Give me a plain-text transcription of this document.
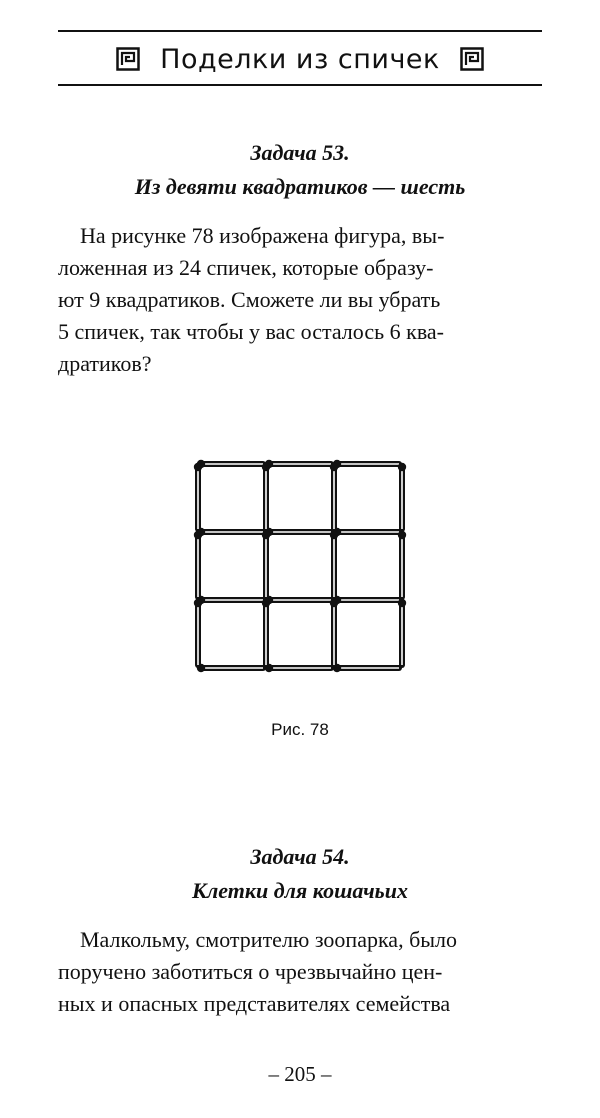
Поделки из спичек
Задача 53.
Из девяти квадратиков — шесть
На рисунке 78 изображена фигура, вы-
ложенная из 24 спичек, которые образу-
ют 9 квадратиков. Сможете ли вы убрать
5 спичек, так чтобы у вас осталось 6 ква-
дратиков?
Рис. 78
Задача 54.
Клетки для кошачьих
Малкольму, смотрителю зоопарка, было
поручено заботиться о чрезвычайно цен-
ных и опасных представителях семейства
– 205 –
